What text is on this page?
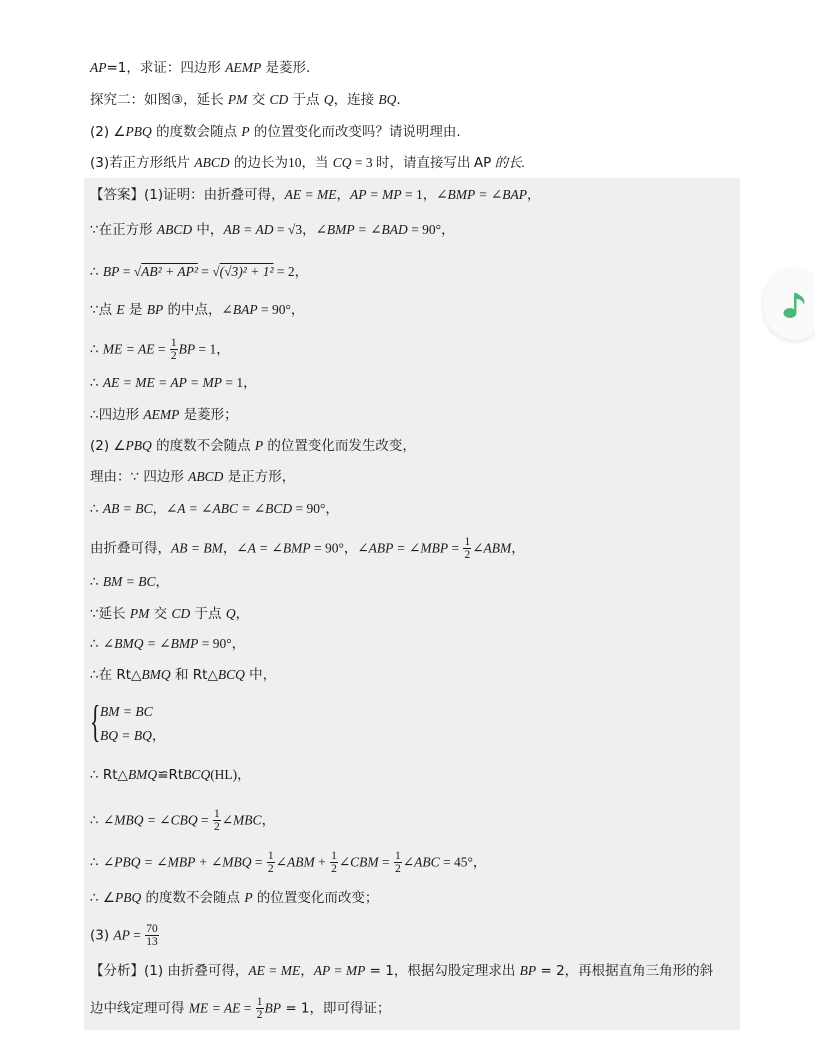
AP=1，求证：四边形 AEMP 是菱形.
探究二：如图③，延长 PM 交 CD 于点 Q，连接 BQ.
(2) ∠PBQ 的度数会随点 P 的位置变化而改变吗？请说明理由.
(3)若正方形纸片 ABCD 的边长为10，当 CQ = 3 时，请直接写出 AP 的长.
【答案】(1)证明：由折叠可得，AE = ME，AP = MP = 1，∠BMP = ∠BAP，
∵在正方形 ABCD 中，AB = AD = √3，∠BMP = ∠BAD = 90°，
∴ BP = √AB² + AP² = √(√3)² + 1² = 2，
∵点 E 是 BP 的中点，∠BAP = 90°，
∴ ME = AE = $\frac{1}{2}$ BP = 1，
∴ AE = ME = AP = MP = 1，
∴四边形 AEMP 是菱形；
(2) ∠PBQ 的度数不会随点 P 的位置变化而发生改变，
理由：∵ 四边形 ABCD 是正方形，
∴ AB = BC，∠A = ∠ABC = ∠BCD = 90°，
由折叠可得，AB = BM，∠A = ∠BMP = 90°，∠ABP = ∠MBP = $\frac{1}{2}$ ∠ABM，
∴ BM = BC，
∵延长 PM 交 CD 于点 Q，
∴ ∠BMQ = ∠BMP = 90°，
∴在 Rt△BMQ 和 Rt△BCQ 中，
{ BM = BC
BQ = BQ，
∴ Rt△BMQ≌RtBCQ(HL)，
∴ ∠MBQ = ∠CBQ = $\frac{1}{2}$ ∠MBC，
∴ ∠PBQ = ∠MBP + ∠MBQ = $\frac{1}{2}$ ∠ABM + $\frac{1}{2}$ ∠CBM = $\frac{1}{2}$ ∠ABC = 45°，
∴ ∠PBQ 的度数不会随点 P 的位置变化而改变；
(3) AP = $\frac{70}{13}$
【分析】(1) 由折叠可得，AE = ME，AP = MP = 1，根据勾股定理求出 BP = 2，再根据直角三角形的斜
边中线定理可得 ME = AE = $\frac{1}{2}$ BP = 1，即可得证；
